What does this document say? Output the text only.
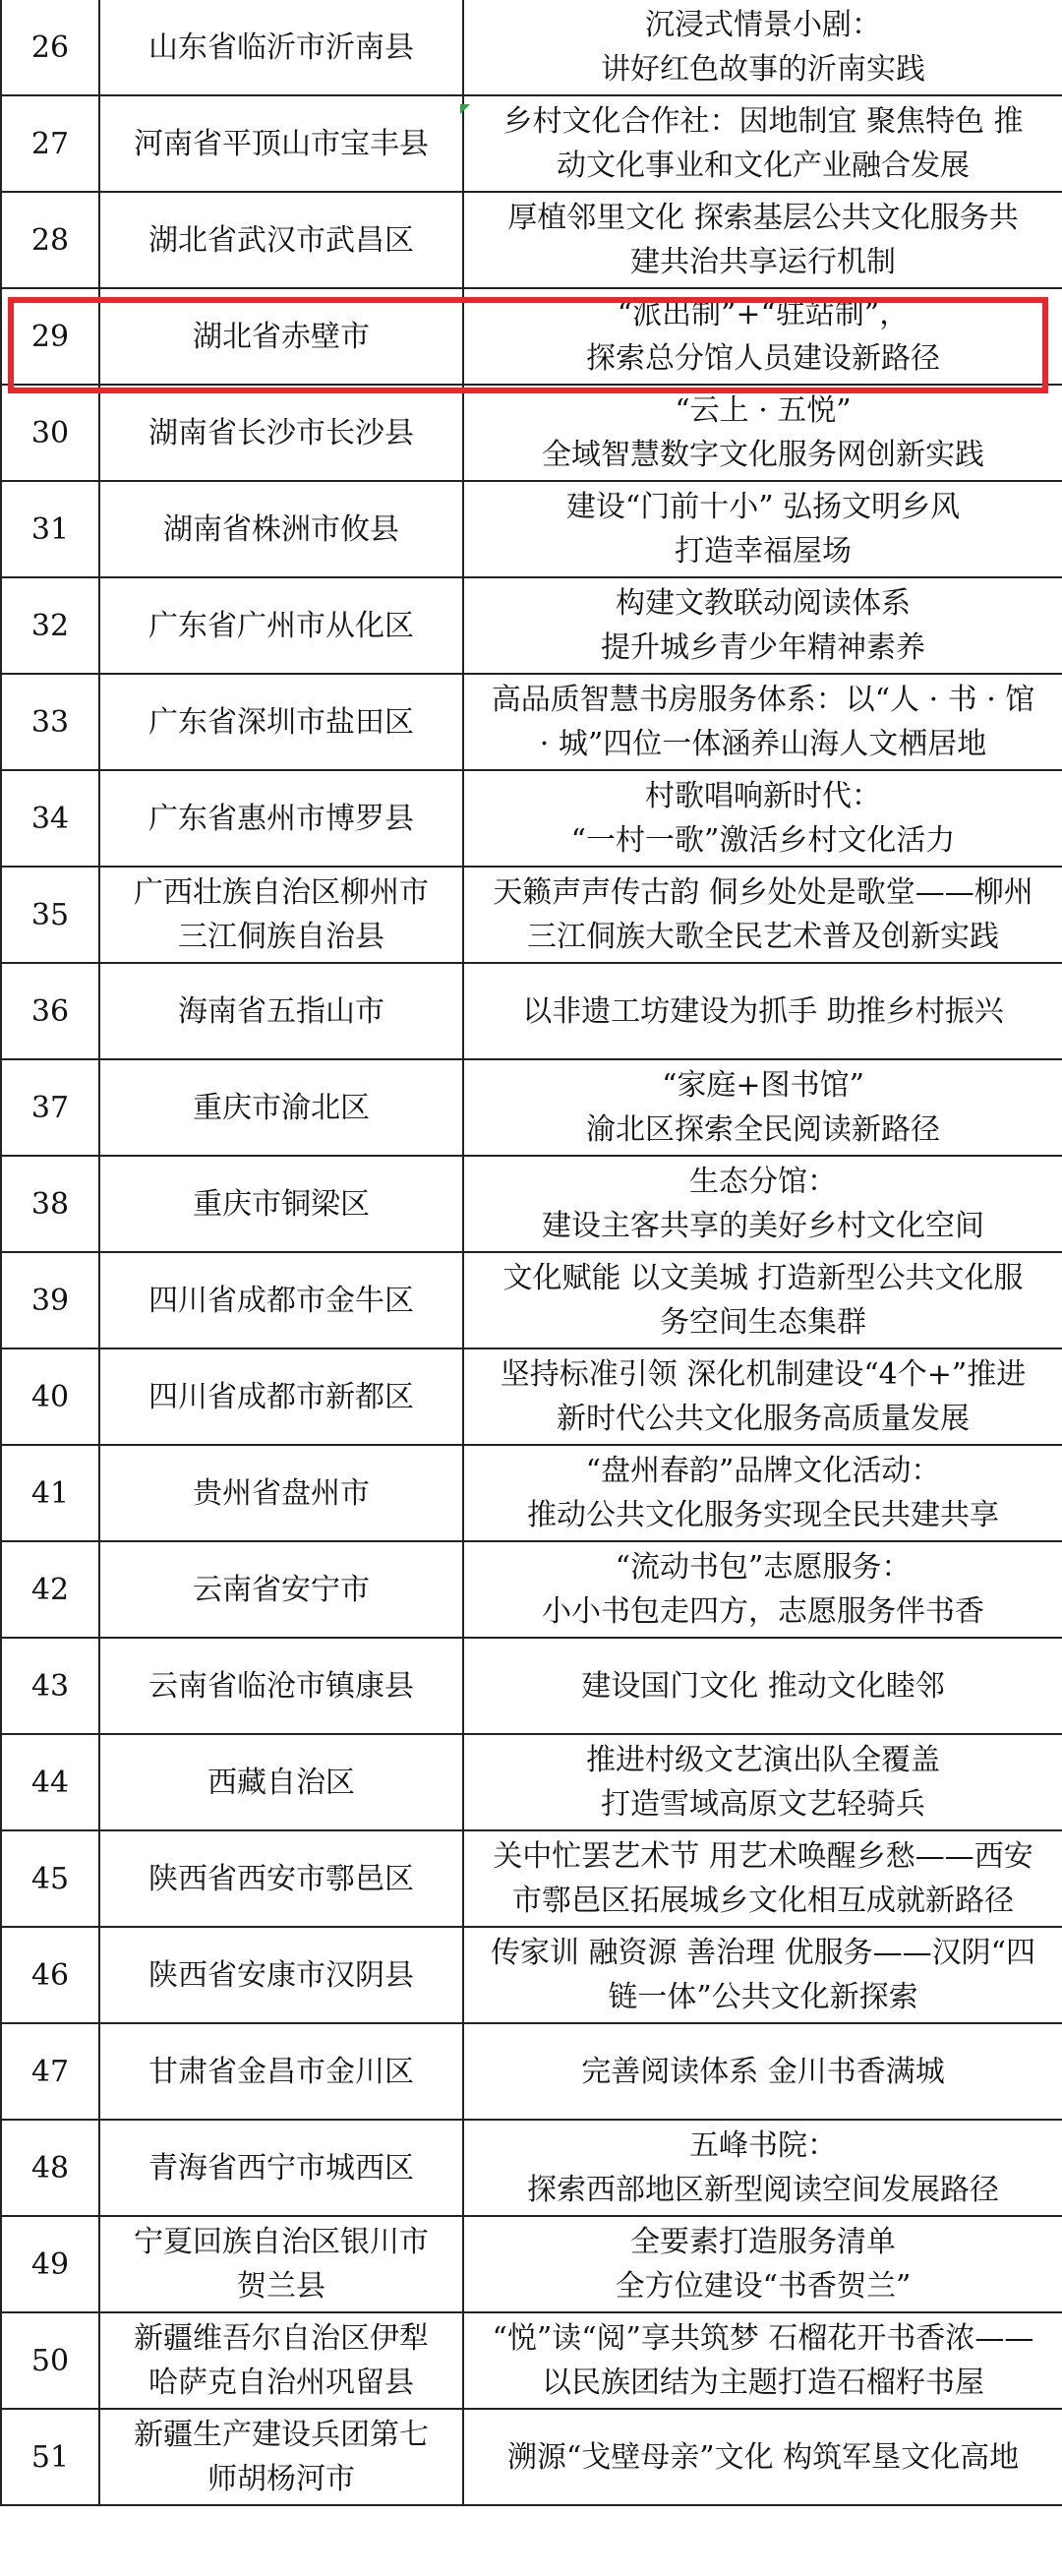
26	山东省临沂市沂南县	沉浸式情景小剧：
讲好红色故事的沂南实践

27	河南省平顶山市宝丰县	乡村文化合作社：因地制宜 聚焦特色 推
动文化事业和文化产业融合发展

28	湖北省武汉市武昌区	厚植邻里文化 探索基层公共文化服务共
建共治共享运行机制

29	湖北省赤壁市	“派出制”+“驻站制”，
探索总分馆人员建设新路径

30	湖南省长沙市长沙县	“云上 · 五悦”
全域智慧数字文化服务网创新实践

31	湖南省株洲市攸县	建设“门前十小” 弘扬文明乡风
打造幸福屋场

32	广东省广州市从化区	构建文教联动阅读体系
提升城乡青少年精神素养

33	广东省深圳市盐田区	高品质智慧书房服务体系：以“人 · 书 · 馆
· 城”四位一体涵养山海人文栖居地

34	广东省惠州市博罗县	村歌唱响新时代：
“一村一歌”激活乡村文化活力

35	广西壮族自治区柳州市
三江侗族自治县	天籁声声传古韵 侗乡处处是歌堂——柳州
三江侗族大歌全民艺术普及创新实践

36	海南省五指山市	以非遗工坊建设为抓手 助推乡村振兴

37	重庆市渝北区	“家庭+图书馆”
渝北区探索全民阅读新路径

38	重庆市铜梁区	生态分馆：
建设主客共享的美好乡村文化空间

39	四川省成都市金牛区	文化赋能 以文美城 打造新型公共文化服
务空间生态集群

40	四川省成都市新都区	坚持标准引领 深化机制建设“4个+”推进
新时代公共文化服务高质量发展

41	贵州省盘州市	“盘州春韵”品牌文化活动：
推动公共文化服务实现全民共建共享

42	云南省安宁市	“流动书包”志愿服务：
小小书包走四方，志愿服务伴书香

43	云南省临沧市镇康县	建设国门文化 推动文化睦邻

44	西藏自治区	推进村级文艺演出队全覆盖
打造雪域高原文艺轻骑兵

45	陕西省西安市鄠邑区	关中忙罢艺术节 用艺术唤醒乡愁——西安
市鄠邑区拓展城乡文化相互成就新路径

46	陕西省安康市汉阴县	传家训 融资源 善治理 优服务——汉阴“四
链一体”公共文化新探索

47	甘肃省金昌市金川区	完善阅读体系 金川书香满城

48	青海省西宁市城西区	五峰书院：
探索西部地区新型阅读空间发展路径

49	宁夏回族自治区银川市
贺兰县	全要素打造服务清单
全方位建设“书香贺兰”

50	新疆维吾尔自治区伊犁
哈萨克自治州巩留县	“悦”读“阅”享共筑梦 石榴花开书香浓——
以民族团结为主题打造石榴籽书屋

51	新疆生产建设兵团第七
师胡杨河市	溯源“戈壁母亲”文化 构筑军垦文化高地
